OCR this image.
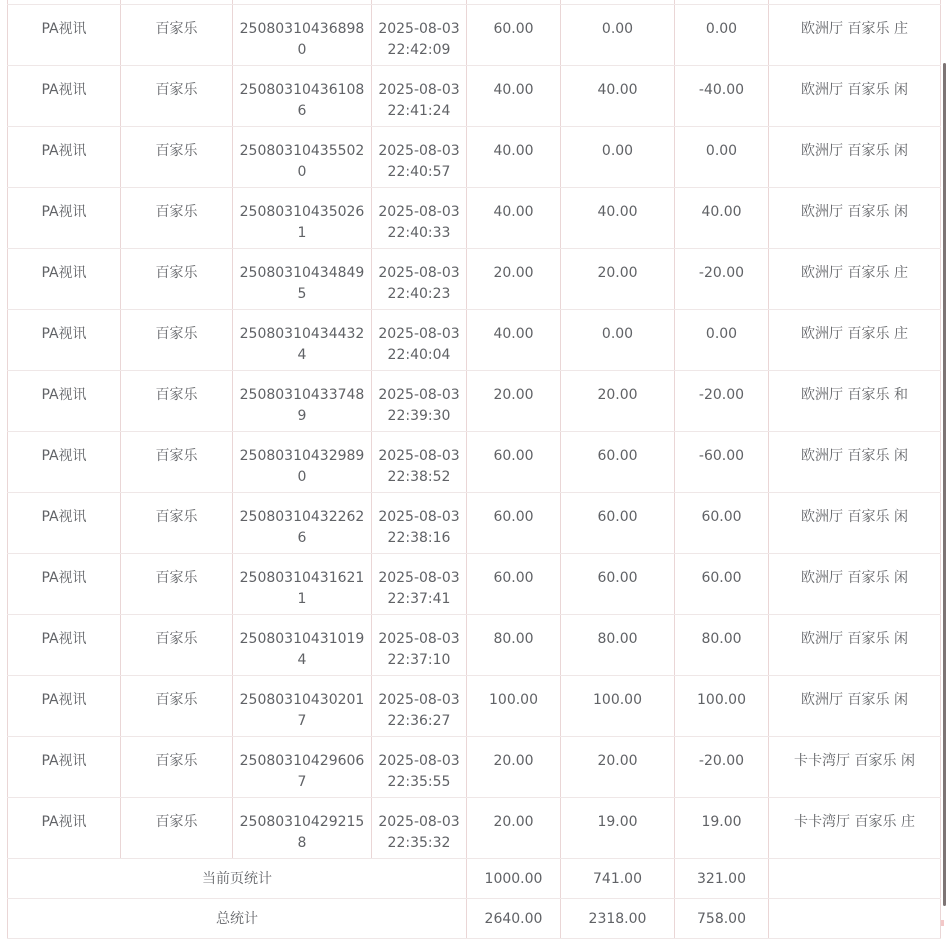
PA视讯	百家乐	250803104368980	2025-08-03 22:42:09	60.00	0.00	0.00	欧洲厅 百家乐 庄
PA视讯	百家乐	250803104361086	2025-08-03 22:41:24	40.00	40.00	-40.00	欧洲厅 百家乐 闲
PA视讯	百家乐	250803104355020	2025-08-03 22:40:57	40.00	0.00	0.00	欧洲厅 百家乐 闲
PA视讯	百家乐	250803104350261	2025-08-03 22:40:33	40.00	40.00	40.00	欧洲厅 百家乐 闲
PA视讯	百家乐	250803104348495	2025-08-03 22:40:23	20.00	20.00	-20.00	欧洲厅 百家乐 庄
PA视讯	百家乐	250803104344324	2025-08-03 22:40:04	40.00	0.00	0.00	欧洲厅 百家乐 庄
PA视讯	百家乐	250803104337489	2025-08-03 22:39:30	20.00	20.00	-20.00	欧洲厅 百家乐 和
PA视讯	百家乐	250803104329890	2025-08-03 22:38:52	60.00	60.00	-60.00	欧洲厅 百家乐 闲
PA视讯	百家乐	250803104322626	2025-08-03 22:38:16	60.00	60.00	60.00	欧洲厅 百家乐 闲
PA视讯	百家乐	250803104316211	2025-08-03 22:37:41	60.00	60.00	60.00	欧洲厅 百家乐 闲
PA视讯	百家乐	250803104310194	2025-08-03 22:37:10	80.00	80.00	80.00	欧洲厅 百家乐 闲
PA视讯	百家乐	250803104302017	2025-08-03 22:36:27	100.00	100.00	100.00	欧洲厅 百家乐 闲
PA视讯	百家乐	250803104296067	2025-08-03 22:35:55	20.00	20.00	-20.00	卡卡湾厅 百家乐 闲
PA视讯	百家乐	250803104292158	2025-08-03 22:35:32	20.00	19.00	19.00	卡卡湾厅 百家乐 庄
当前页统计				1000.00	741.00	321.00	
总统计				2640.00	2318.00	758.00	
